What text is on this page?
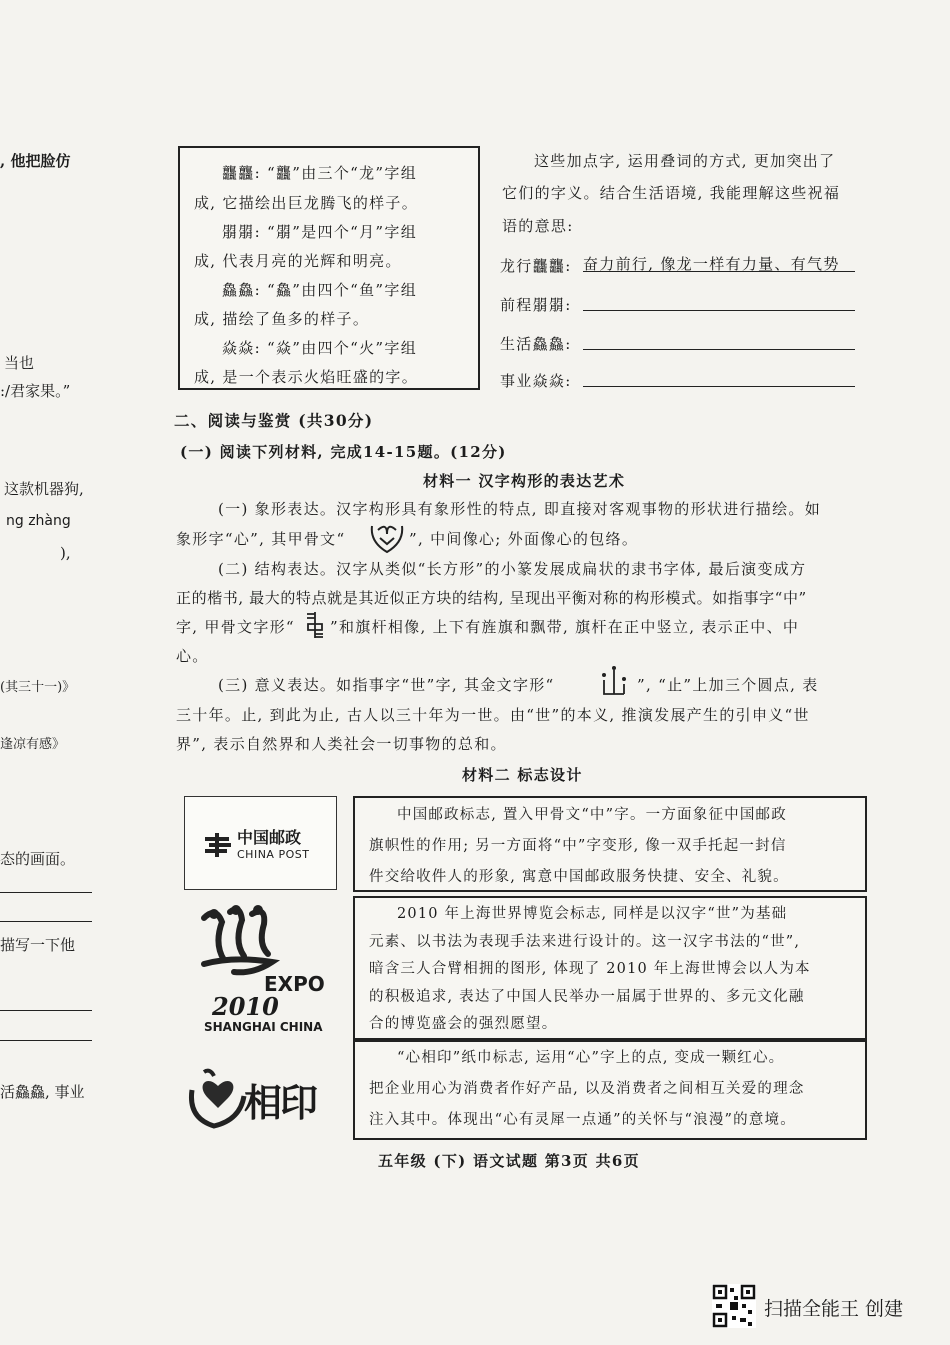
, 他把脸仿
当也
:/君家果。”
这款机器狗,
ng zhàng
),
(其三十一)》
逢凉有感》
态的画面。
描写一下他
活鱻鱻, 事业
龘龘: “龘”由三个“龙”字组
成, 它描绘出巨龙腾飞的样子。
朤朤: “朤”是四个“月”字组
成, 代表月亮的光辉和明亮。
鱻鱻: “鱻”由四个“鱼”字组
成, 描绘了鱼多的样子。
焱焱: “焱”由四个“火”字组
成, 是一个表示火焰旺盛的字。
这些加点字, 运用叠词的方式, 更加突出了
它们的字义。结合生活语境, 我能理解这些祝福
语的意思:
龙行龘龘: 奋力前行, 像龙一样有力量、有气势
前程朤朤:
生活鱻鱻:
事业焱焱:
二、阅读与鉴赏 (共30分)
(一) 阅读下列材料, 完成14-15题。(12分)
材料一 汉字构形的表达艺术
(一) 象形表达。汉字构形具有象形性的特点, 即直接对客观事物的形状进行描绘。如
象形字“心”, 其甲骨文“	”, 中间像心; 外面像心的包络。
(二) 结构表达。汉字从类似“长方形”的小篆发展成扁状的隶书字体, 最后演变成方
正的楷书, 最大的特点就是其近似正方块的结构, 呈现出平衡对称的构形模式。如指事字“中”
字, 甲骨文字形“ ”和旗杆相像, 上下有旌旗和飘带, 旗杆在正中竖立, 表示正中、中
心。
(三) 意义表达。如指事字“世”字, 其金文字形“	”, “止”上加三个圆点, 表
三十年。止, 到此为止, 古人以三十年为一世。由“世”的本义, 推演发展产生的引申义“世
界”, 表示自然界和人类社会一切事物的总和。
材料二 标志设计
中国邮政
CHINA POST
EXPO
2010
SHANGHAI CHINA
相印
中国邮政标志, 置入甲骨文“中”字。一方面象征中国邮政
旗帜性的作用; 另一方面将“中”字变形, 像一双手托起一封信
件交给收件人的形象, 寓意中国邮政服务快捷、安全、礼貌。
2010 年上海世界博览会标志, 同样是以汉字“世”为基础
元素、以书法为表现手法来进行设计的。这一汉字书法的“世”,
暗含三人合臂相拥的图形, 体现了 2010 年上海世博会以人为本
的积极追求, 表达了中国人民举办一届属于世界的、多元文化融
合的博览盛会的强烈愿望。
“心相印”纸巾标志, 运用“心”字上的点, 变成一颗红心。
把企业用心为消费者作好产品, 以及消费者之间相互关爱的理念
注入其中。体现出“心有灵犀一点通”的关怀与“浪漫”的意境。
五年级 (下) 语文试题 第3页 共6页
扫描全能王 创建
